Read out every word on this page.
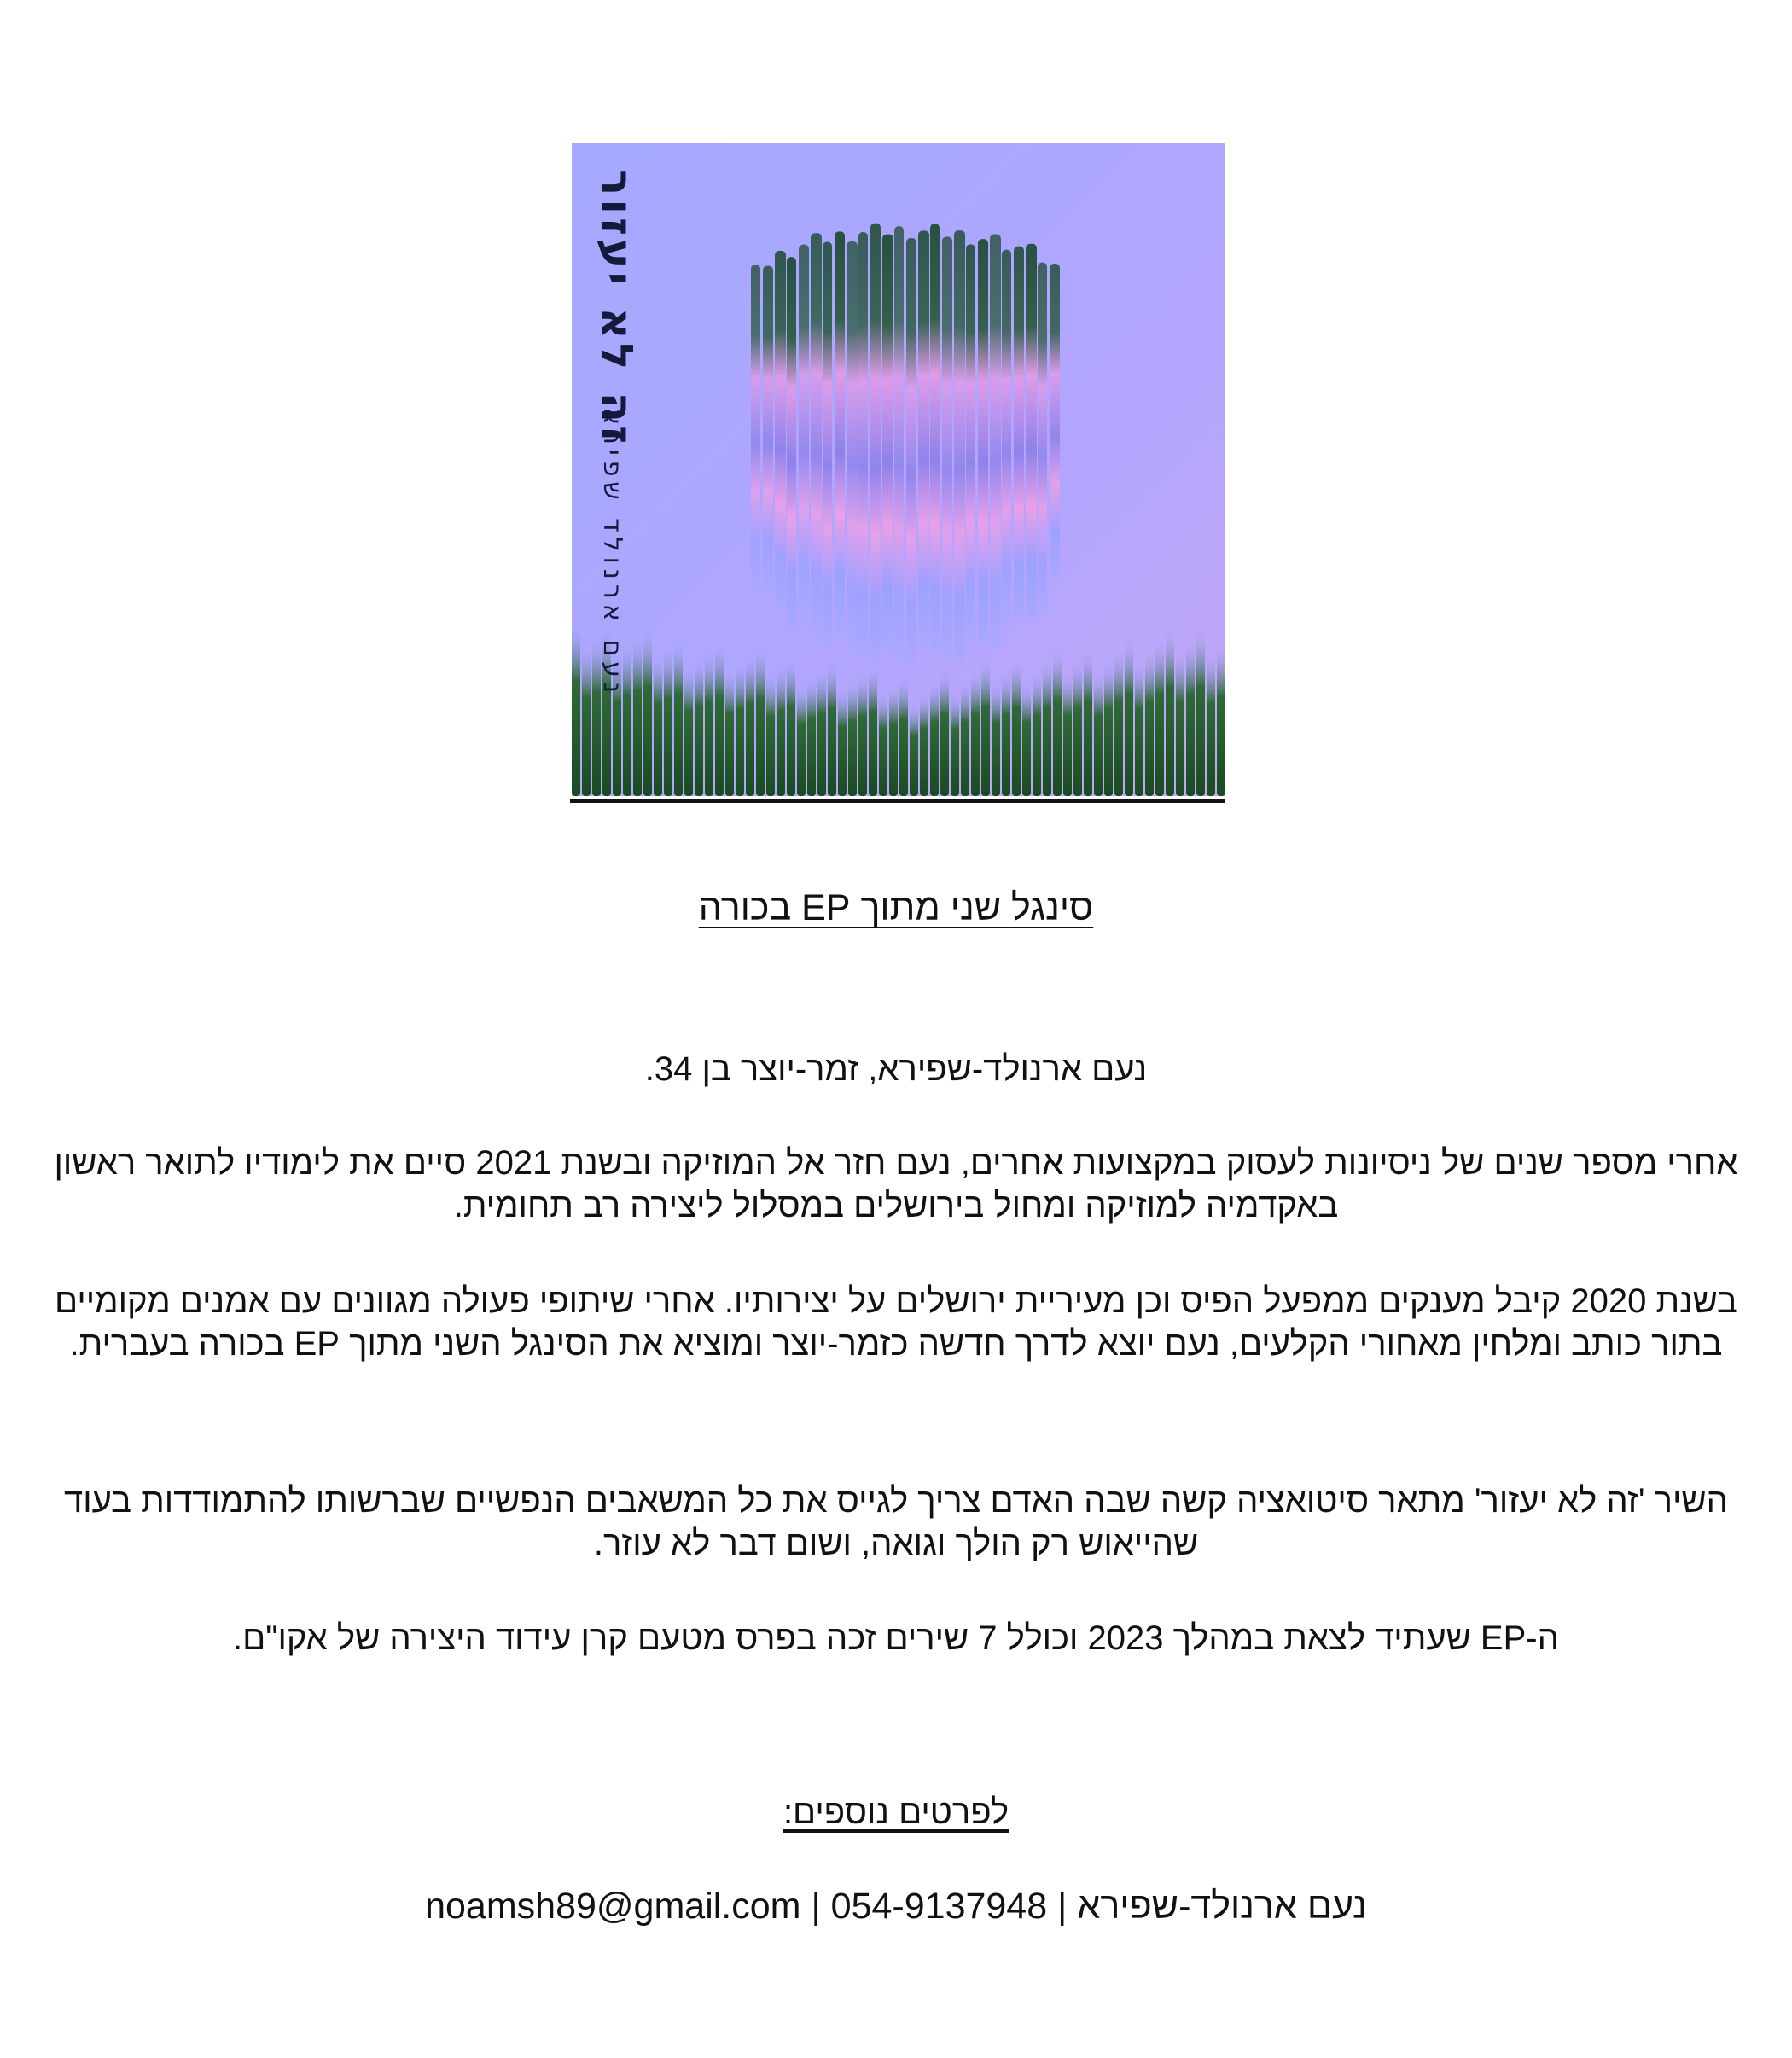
זה לא יעזור
נעם ארנולד שפירא
סינגל שני מתוך EP בכורה
נעם ארנולד-שפירא, זמר-יוצר בן 34.
אחרי מספר שנים של ניסיונות לעסוק במקצועות אחרים, נעם חזר אל המוזיקה ובשנת 2021 סיים את לימודיו לתואר ראשון באקדמיה למוזיקה ומחול בירושלים במסלול ליצירה רב תחומית.
בשנת 2020 קיבל מענקים ממפעל הפיס וכן מעיריית ירושלים על יצירותיו. אחרי שיתופי פעולה מגוונים עם אמנים מקומיים בתור כותב ומלחין מאחורי הקלעים, נעם יוצא לדרך חדשה כזמר-יוצר ומוציא את הסינגל השני מתוך EP בכורה בעברית.
השיר 'זה לא יעזור' מתאר סיטואציה קשה שבה האדם צריך לגייס את כל המשאבים הנפשיים שברשותו להתמודדות בעוד שהייאוש רק הולך וגואה, ושום דבר לא עוזר.
ה-EP שעתיד לצאת במהלך 2023 וכולל 7 שירים זכה בפרס מטעם קרן עידוד היצירה של אקו"ם.
לפרטים נוספים:
נעם ארנולד-שפירא|054-9137948|noamsh89@gmail.com
